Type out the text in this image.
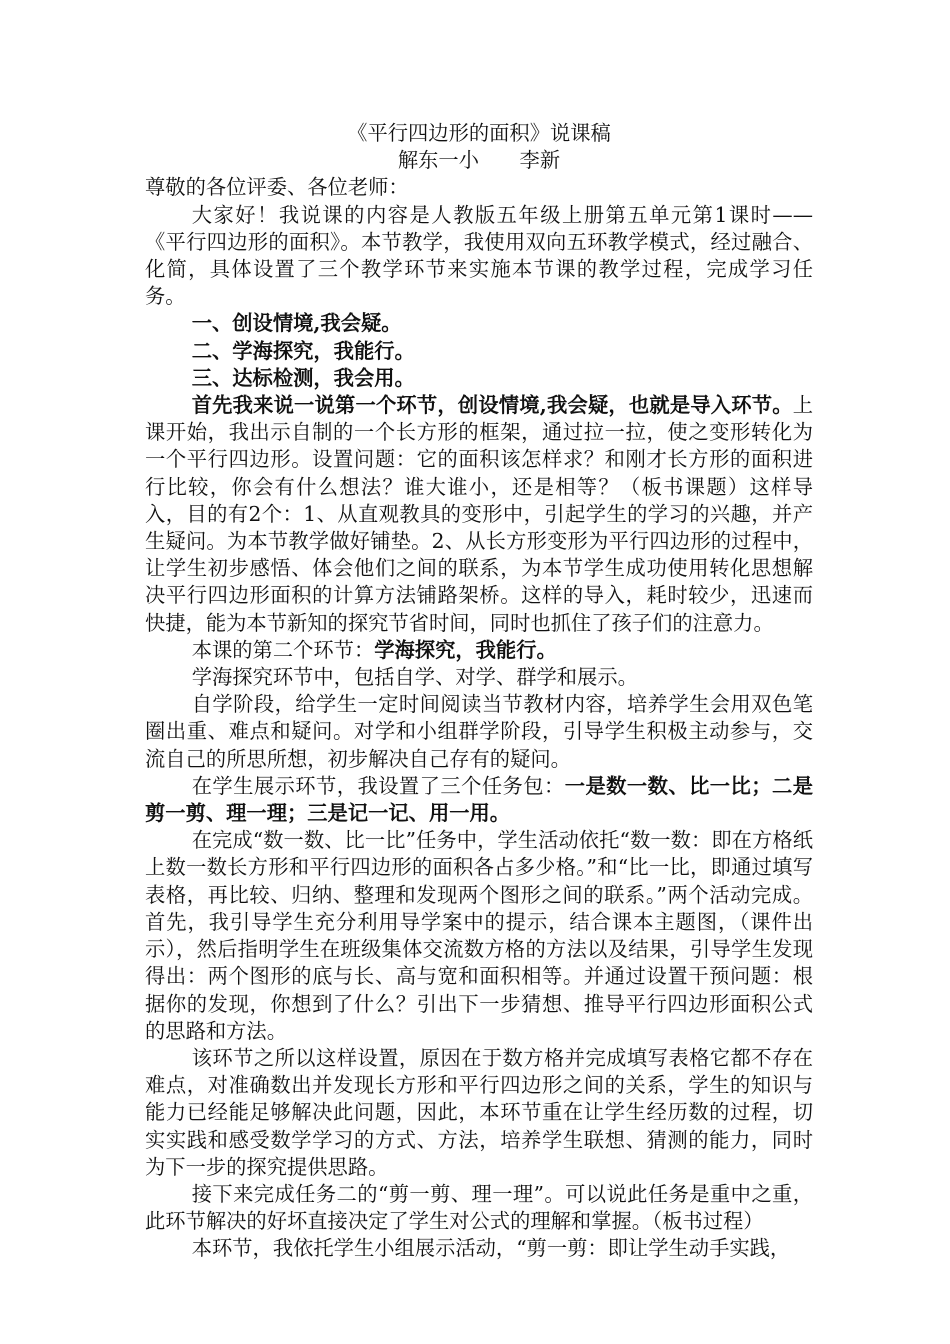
《平行四边形的面积》说课稿

解东一小　　李新

尊敬的各位评委、各位老师：

大家好！我说课的内容是人教版五年级上册第五单元第1课时——《平行四边形的面积》。本节教学，我使用双向五环教学模式，经过融合、化简，具体设置了三个教学环节来实施本节课的教学过程，完成学习任务。

一、创设情境,我会疑。

二、学海探究，我能行。

三、达标检测，我会用。

首先我来说一说第一个环节，创设情境,我会疑，也就是导入环节。上课开始，我出示自制的一个长方形的框架，通过拉一拉，使之变形转化为一个平行四边形。设置问题：它的面积该怎样求？和刚才长方形的面积进行比较，你会有什么想法？谁大谁小，还是相等？（板书课题）这样导入，目的有2个：1、从直观教具的变形中，引起学生的学习的兴趣，并产生疑问。为本节教学做好铺垫。2、从长方形变形为平行四边形的过程中，让学生初步感悟、体会他们之间的联系，为本节学生成功使用转化思想解决平行四边形面积的计算方法铺路架桥。这样的导入，耗时较少，迅速而快捷，能为本节新知的探究节省时间，同时也抓住了孩子们的注意力。

本课的第二个环节：学海探究，我能行。

学海探究环节中，包括自学、对学、群学和展示。

自学阶段，给学生一定时间阅读当节教材内容，培养学生会用双色笔圈出重、难点和疑问。对学和小组群学阶段，引导学生积极主动参与，交流自己的所思所想，初步解决自己存有的疑问。

在学生展示环节，我设置了三个任务包：一是数一数、比一比；二是剪一剪、理一理；三是记一记、用一用。

在完成“数一数、比一比”任务中，学生活动依托“数一数：即在方格纸上数一数长方形和平行四边形的面积各占多少格。”和“比一比，即通过填写表格，再比较、归纳、整理和发现两个图形之间的联系。”两个活动完成。首先，我引导学生充分利用导学案中的提示，结合课本主题图，（课件出示），然后指明学生在班级集体交流数方格的方法以及结果，引导学生发现得出：两个图形的底与长、高与宽和面积相等。并通过设置干预问题：根据你的发现，你想到了什么？引出下一步猜想、推导平行四边形面积公式的思路和方法。

该环节之所以这样设置，原因在于数方格并完成填写表格它都不存在难点，对准确数出并发现长方形和平行四边形之间的关系，学生的知识与能力已经能足够解决此问题，因此，本环节重在让学生经历数的过程，切实实践和感受数学学习的方式、方法，培养学生联想、猜测的能力，同时为下一步的探究提供思路。

接下来完成任务二的“剪一剪、理一理”。可以说此任务是重中之重，此环节解决的好坏直接决定了学生对公式的理解和掌握。（板书过程）

本环节，我依托学生小组展示活动，“剪一剪：即让学生动手实践，
